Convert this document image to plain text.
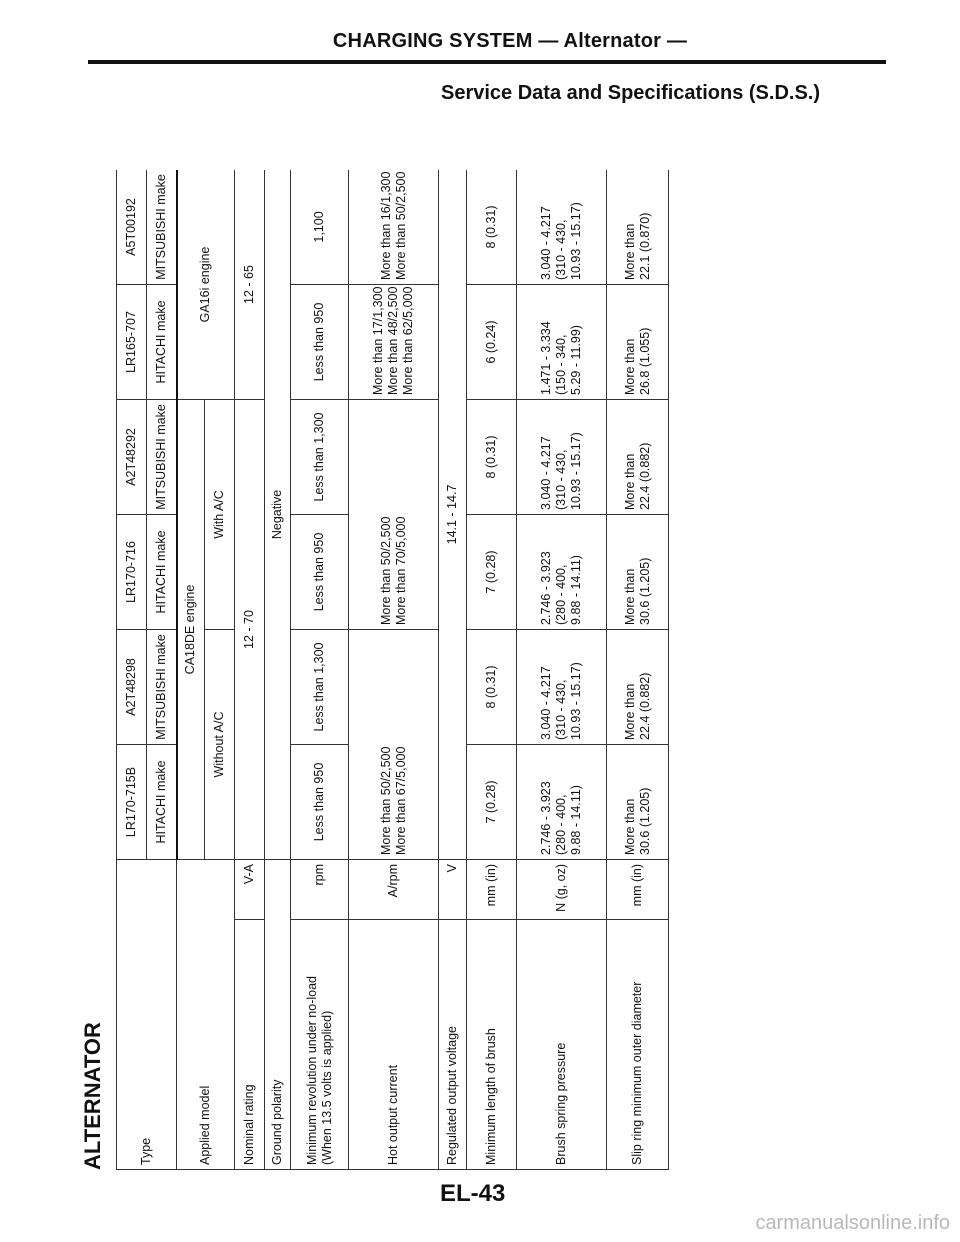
CHARGING SYSTEM — Alternator —
Service Data and Specifications (S.D.S.)
ALTERNATOR	Type		LR170-715B	A2T48298	LR170-716	A2T48292	LR165-707	A5T00192
		HITACHI make	MITSUBISHI make	HITACHI make	MITSUBISHI make	HITACHI make	MITSUBISHI make
Applied model		CA18DE engine				GA16i engine	
		Without A/C		With A/C			
Nominal rating	V-A	12 - 70				12 - 65	
Ground polarity		Negative					

Minimum revolution under no-load (When 13.5 volts is applied)	rpm	Less than 950	Less than 1,300	Less than 950	Less than 1,300	Less than 950	1,100
Hot output current	A/rpm	More than 50/2,500 More than 67/5,000		More than 50/2,500 More than 70/5,000		More than 17/1,300 More than 48/2,500 More than 62/5,000	More than 16/1,300 More than 50/2,500

Regulated output voltage	V	14.1 - 14.7					
Minimum length of brush	mm (in)	7 (0.28)	8 (0.31)	7 (0.28)	8 (0.31)	6 (0.24)	8 (0.31)
Brush spring pressure	N (g, oz)	2.746 - 3.923 (280 - 400, 9.88 - 14.11)	3.040 - 4.217 (310 - 430, 10.93 - 15.17)	2.746 - 3.923 (280 - 400, 9.88 - 14.11)	3.040 - 4.217 (310 - 430, 10.93 - 15.17)	1.471 - 3.334 (150 - 340, 5.29 - 11.99)	3.040 - 4.217 (310 - 430, 10.93 - 15.17)

Slip ring minimum outer diameter	mm (in)	More than 30.6 (1.205)	More than 22.4 (0.882)	More than 30.6 (1.205)	More than 22.4 (0.882)	More than 26.8 (1.055)	More than 22.1 (0.870)
EL-43
carmanualsonline.info
